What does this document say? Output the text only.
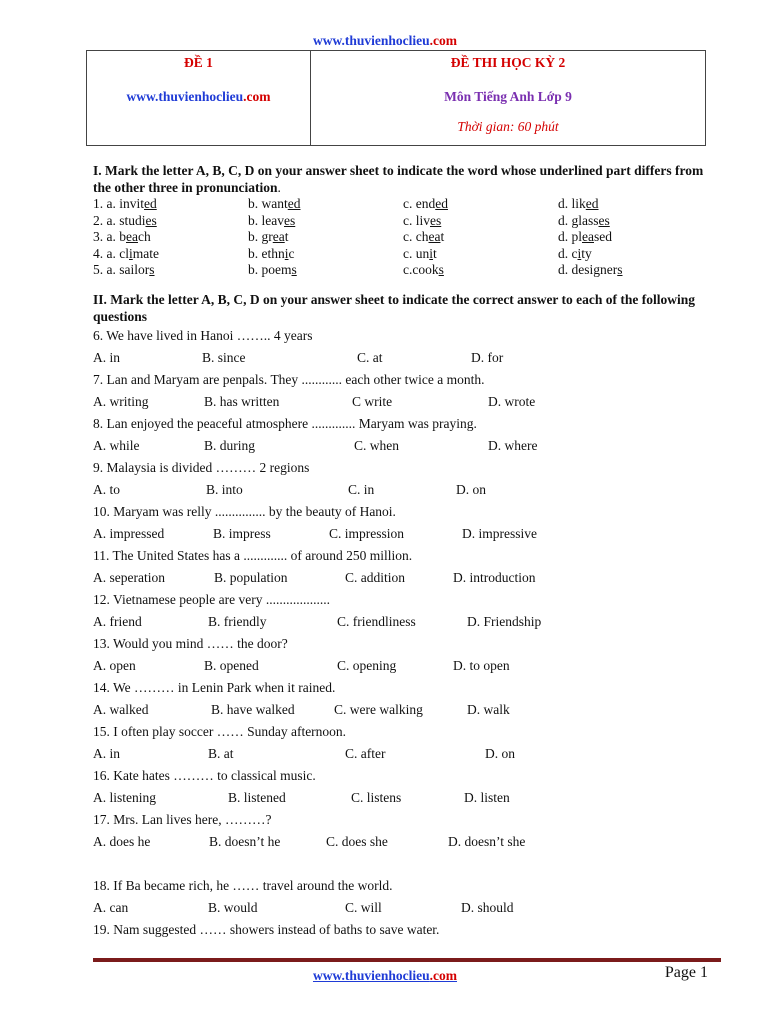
www.thuvienhoclieu.com
ĐỀ 1
www.thuvienhoclieu.com

ĐỀ THI HỌC KỲ 2
Môn Tiếng Anh Lớp 9
Thời gian: 60 phút
I. Mark the letter A, B, C, D on your answer sheet to indicate the word whose underlined part differs from the other three in pronunciation.
1. a. invited	b. wanted	c. ended	d. liked
2. a. studies	b. leaves	c. lives	d. glasses
3. a. beach	b. great	c. cheat	d. pleased
4. a. climate	b. ethnic	c. unit	d. city
5. a. sailors	b. poems	c.cooks	d. designers
II. Mark the letter A, B, C, D on your answer sheet to indicate the correct answer to each of the following questions
6. We have lived in Hanoi …….. 4 years
A. in	B. since	C. at	D. for
7. Lan and Maryam are penpals. They ............ each other twice a month.
A. writing	B. has written	C write	D. wrote
8. Lan enjoyed the peaceful atmosphere ............. Maryam was praying.
A. while	B. during	C. when	D. where
9. Malaysia is divided ……… 2 regions
A. to	B. into	C. in	D. on
10. Maryam was relly ............... by the beauty of Hanoi.
A. impressed	B. impress	C. impression	D. impressive
11. The United States has a ............. of around 250 million.
A. seperation	B. population	C. addition	D. introduction
12. Vietnamese people are very ...................
A. friend	B. friendly	C. friendliness	D. Friendship
13. Would you mind …… the door?
A. open	B. opened	C. opening	D. to open
14. We ……… in Lenin Park when it rained.
A. walked	B. have walked	C. were walking	D. walk
15. I often play soccer …… Sunday afternoon.
A. in	B. at	C. after	D. on
16. Kate hates ……… to classical music.
A. listening	B. listened	C. listens	D. listen
17. Mrs. Lan lives here, ………?
A. does he	B. doesn’t he	C. does she	D. doesn’t she
18. If Ba became rich, he …… travel around the world.
A. can	B. would	C. will	D. should
19. Nam suggested …… showers instead of baths to save water.
www.thuvienhoclieu.com	Page 1
